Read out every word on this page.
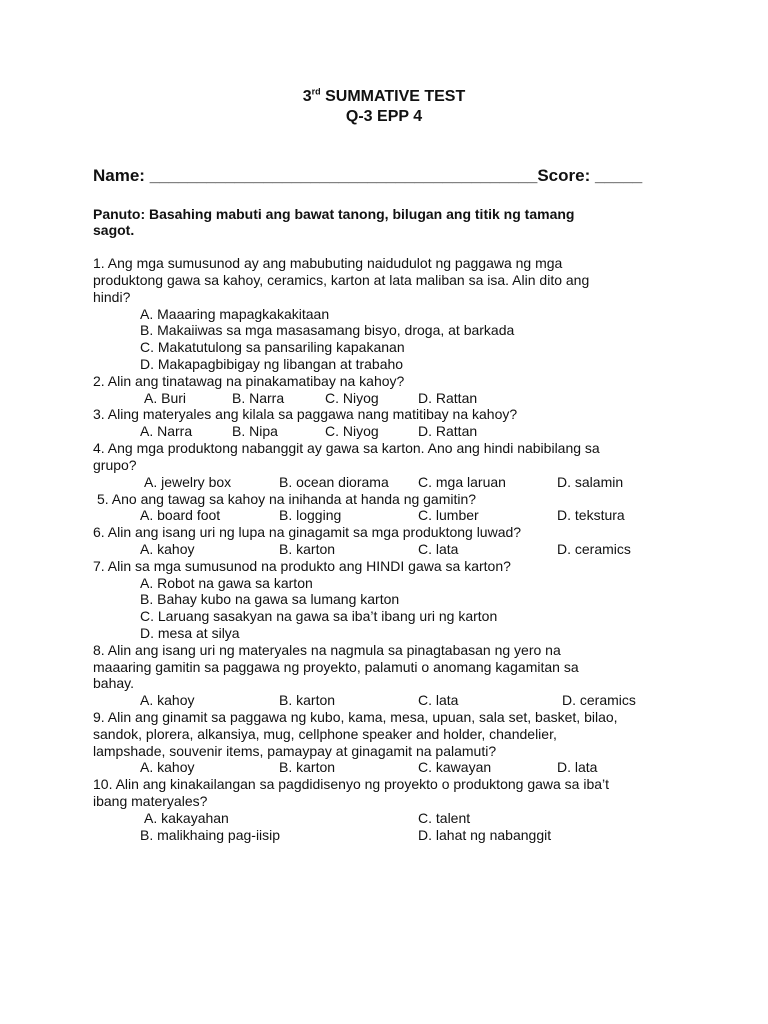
3rd SUMMATIVE TEST
Q-3 EPP 4
Name: _________________________________________Score: _____
Panuto: Basahing mabuti ang bawat tanong, bilugan ang titik ng tamang
sagot.
1. Ang mga sumusunod ay ang mabubuting naidudulot ng paggawa ng mga
produktong gawa sa kahoy, ceramics, karton at lata maliban sa isa. Alin dito ang
hindi?
A. Maaaring mapagkakakitaan
B. Makaiiwas sa mga masasamang bisyo, droga, at barkada
C. Makatutulong sa pansariling kapakanan
D. Makapagbibigay ng libangan at trabaho
2. Alin ang tinatawag na pinakamatibay na kahoy?
A. Buri	B. Narra	C. Niyog	D. Rattan
3. Aling materyales ang kilala sa paggawa nang matitibay na kahoy?
A. Narra	B. Nipa	C. Niyog	D. Rattan
4. Ang mga produktong nabanggit ay gawa sa karton. Ano ang hindi nabibilang sa
grupo?
A. jewelry box	B. ocean diorama C. mga laruan	D. salamin
5. Ano ang tawag sa kahoy na inihanda at handa ng gamitin?
A. board foot	B. logging	C. lumber	D. tekstura
6. Alin ang isang uri ng lupa na ginagamit sa mga produktong luwad?
A. kahoy	B. karton	C. lata	D. ceramics
7. Alin sa mga sumusunod na produkto ang HINDI gawa sa karton?
A. Robot na gawa sa karton
B. Bahay kubo na gawa sa lumang karton
C. Laruang sasakyan na gawa sa iba’t ibang uri ng karton
D. mesa at silya
8. Alin ang isang uri ng materyales na nagmula sa pinagtabasan ng yero na
maaaring gamitin sa paggawa ng proyekto, palamuti o anomang kagamitan sa
bahay.
A. kahoy	B. karton	C. lata	D. ceramics
9. Alin ang ginamit sa paggawa ng kubo, kama, mesa, upuan, sala set, basket, bilao,
sandok, plorera, alkansiya, mug, cellphone speaker and holder, chandelier,
lampshade, souvenir items, pamaypay at ginagamit na palamuti?
A. kahoy	B. karton	C. kawayan	D. lata
10. Alin ang kinakailangan sa pagdidisenyo ng proyekto o produktong gawa sa iba’t
ibang materyales?
A. kakayahan	C. talent
B. malikhaing pag-iisip	D. lahat ng nabanggit
